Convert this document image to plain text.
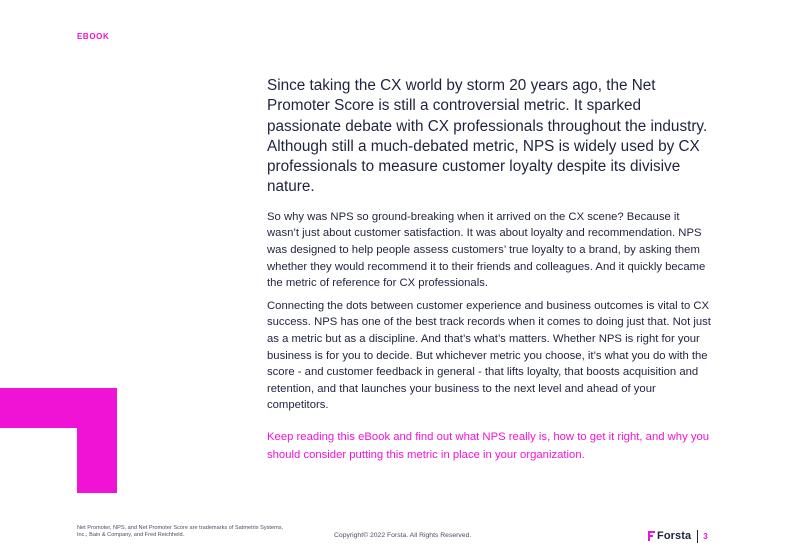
EBOOK

Since taking the CX world by storm 20 years ago, the Net Promoter Score is still a controversial metric. It sparked passionate debate with CX professionals throughout the industry. Although still a much-debated metric, NPS is widely used by CX professionals to measure customer loyalty despite its divisive nature.

So why was NPS so ground-breaking when it arrived on the CX scene? Because it wasn’t just about customer satisfaction. It was about loyalty and recommendation. NPS was designed to help people assess customers’ true loyalty to a brand, by asking them whether they would recommend it to their friends and colleagues. And it quickly became the metric of reference for CX professionals.

Connecting the dots between customer experience and business outcomes is vital to CX success. NPS has one of the best track records when it comes to doing just that. Not just as a metric but as a discipline. And that’s what’s matters. Whether NPS is right for your business is for you to decide. But whichever metric you choose, it’s what you do with the score - and customer feedback in general - that lifts loyalty, that boosts acquisition and retention, and that launches your business to the next level and ahead of your competitors.

Keep reading this eBook and find out what NPS really is, how to get it right, and why you should consider putting this metric in place in your organization.

Net Promoter, NPS, and Net Promoter Score are trademarks of Satmetrix Systems, Inc., Bain & Company, and Fred Reichheld.	Copyright© 2022 Forsta. All Rights Reserved.	Forsta 3
